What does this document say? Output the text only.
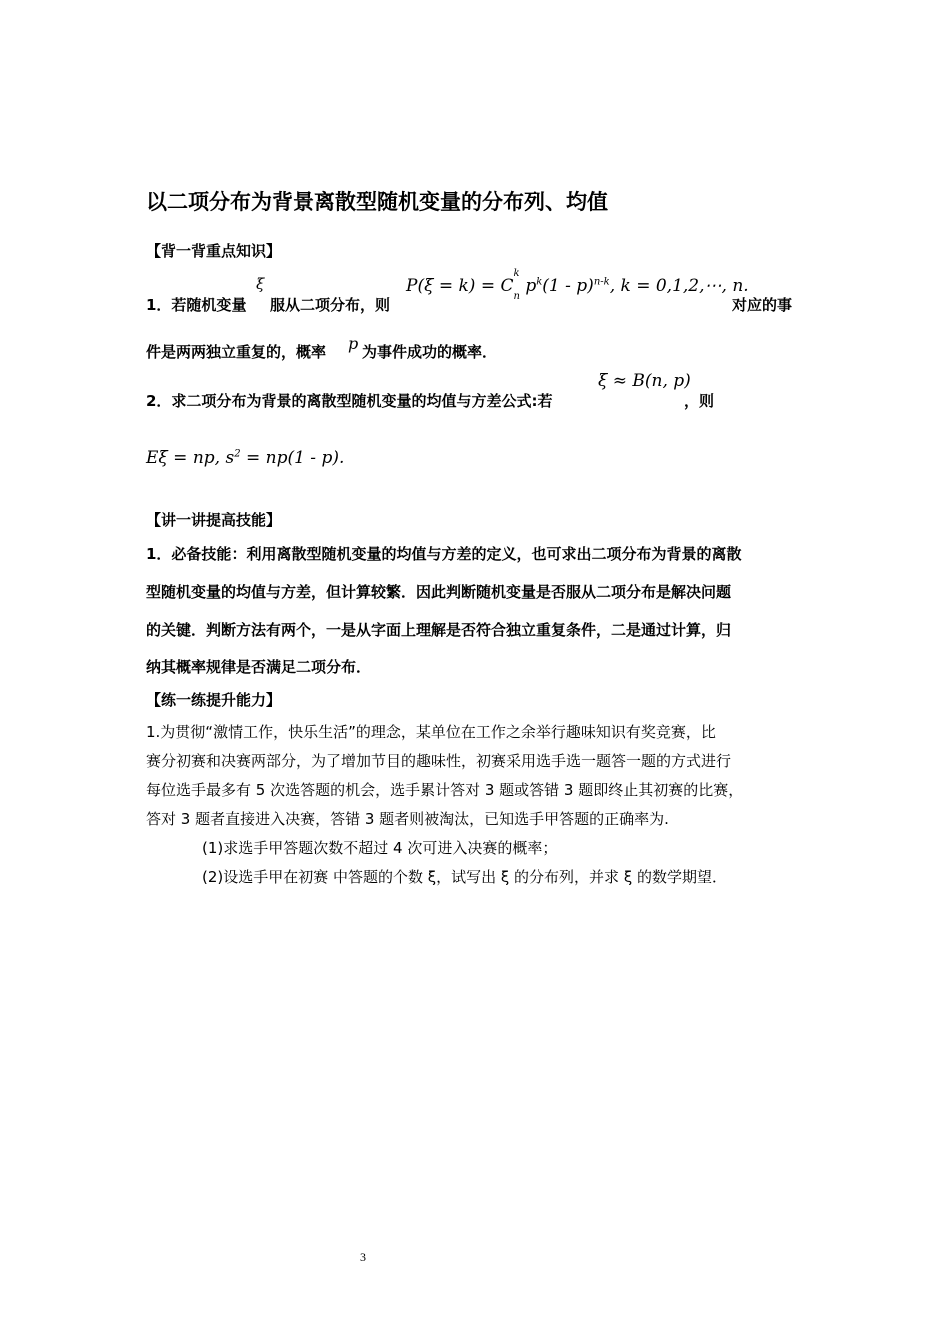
以二项分布为背景离散型随机变量的分布列、均值
【背一背重点知识】
1．若随机变量
ξ
服从二项分布，则
P(ξ = k) = C
k
$_n$ $p^k(1 - p)^{n-k}$, k = 0,1,2,⋯, n.
对应的事
件是两两独立重复的，概率 p 为事件成功的概率．
2．求二项分布为背景的离散型随机变量的均值与方差公式:若
ξ ≈ B(n, p)
，则
Eξ = np, $s^2 = np(1 - p)$.
【讲一讲提高技能】
1．必备技能：利用离散型随机变量的均值与方差的定义，也可求出二项分布为背景的离散
型随机变量的均值与方差，但计算较繁．因此判断随机变量是否服从二项分布是解决问题
的关键．判断方法有两个，一是从字面上理解是否符合独立重复条件，二是通过计算，归
纳其概率规律是否满足二项分布．
【练一练提升能力】
1.为贯彻“激情工作，快乐生活”的理念，某单位在工作之余举行趣味知识有奖竞赛，比
赛分初赛和决赛两部分，为了增加节目的趣味性，初赛采用选手选一题答一题的方式进行
每位选手最多有 5 次选答题的机会，选手累计答对 3 题或答错 3 题即终止其初赛的比赛，
答对 3 题者直接进入决赛，答错 3 题者则被淘汰，已知选手甲答题的正确率为.
(1)求选手甲答题次数不超过 4 次可进入决赛的概率；
(2)设选手甲在初赛 中答题的个数 ξ，试写出 ξ 的分布列，并求 ξ 的数学期望．
3
